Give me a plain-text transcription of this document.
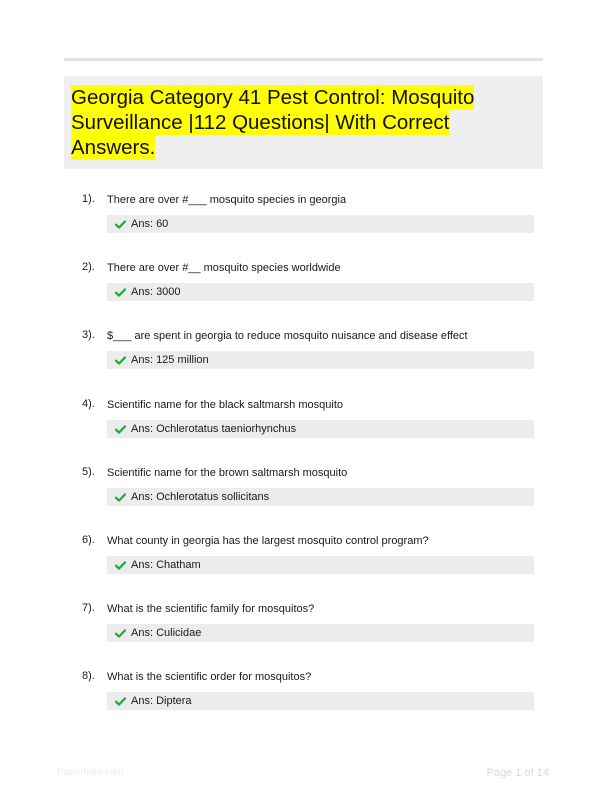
Georgia Category 41 Pest Control: Mosquito Surveillance |112 Questions| With Correct Answers.
1). There are over #___ mosquito species in georgia
Ans: 60
2). There are over #__ mosquito species worldwide
Ans: 3000
3). $___ are spent in georgia to reduce mosquito nuisance and disease effect
Ans: 125 million
4). Scientific name for the black saltmarsh mosquito
Ans: Ochlerotatus taeniorhynchus
5). Scientific name for the brown saltmarsh mosquito
Ans: Ochlerotatus sollicitans
6). What county in georgia has the largest mosquito control program?
Ans: Chatham
7). What is the scientific family for mosquitos?
Ans: Culicidae
8). What is the scientific order for mosquitos?
Ans: Diptera
Paperfolio.com	Page 1 of 14
